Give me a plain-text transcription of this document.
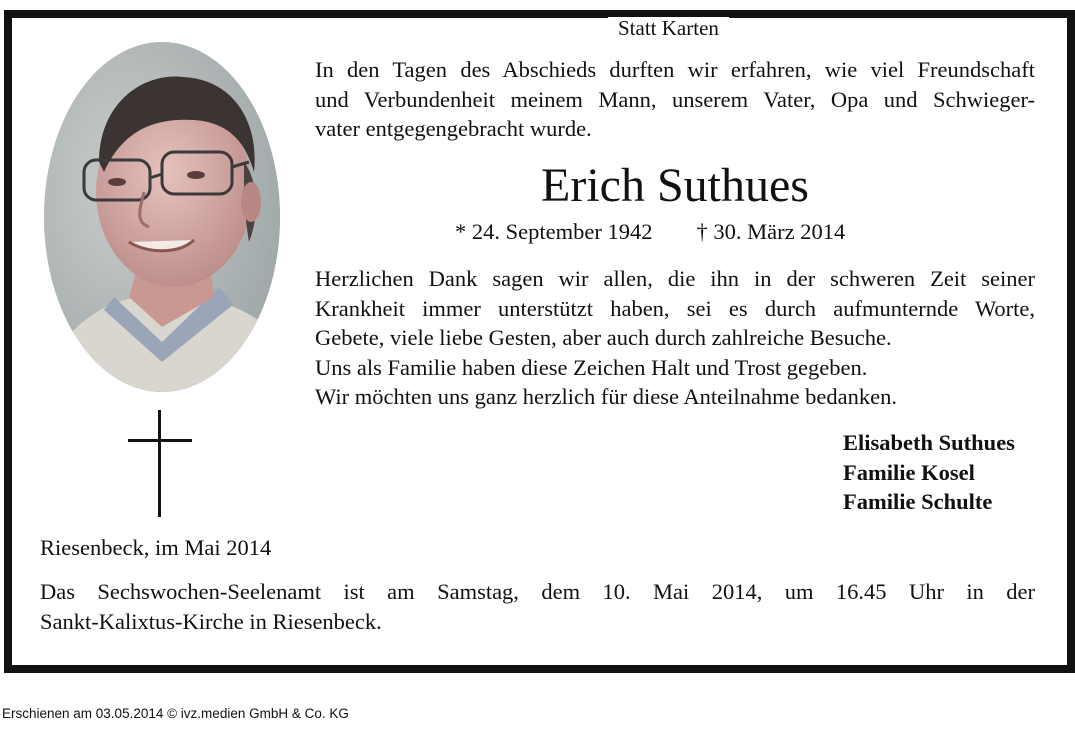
Statt Karten
In den Tagen des Abschieds durften wir erfahren, wie viel Freundschaft
und Verbundenheit meinem Mann, unserem Vater, Opa und Schwieger-
vater entgegengebracht wurde.
Erich Suthues
* 24. September 1942 † 30. März 2014
Herzlichen Dank sagen wir allen, die ihn in der schweren Zeit seiner
Krankheit immer unterstützt haben, sei es durch aufmunternde Worte,
Gebete, viele liebe Gesten, aber auch durch zahlreiche Besuche.
Uns als Familie haben diese Zeichen Halt und Trost gegeben.
Wir möchten uns ganz herzlich für diese Anteilnahme bedanken.
Elisabeth Suthues
Familie Kosel
Familie Schulte
Riesenbeck, im Mai 2014
Das Sechswochen-Seelenamt ist am Samstag, dem 10. Mai 2014, um 16.45 Uhr in der
Sankt-Kalixtus-Kirche in Riesenbeck.
Erschienen am 03.05.2014 © ivz.medien GmbH & Co. KG
